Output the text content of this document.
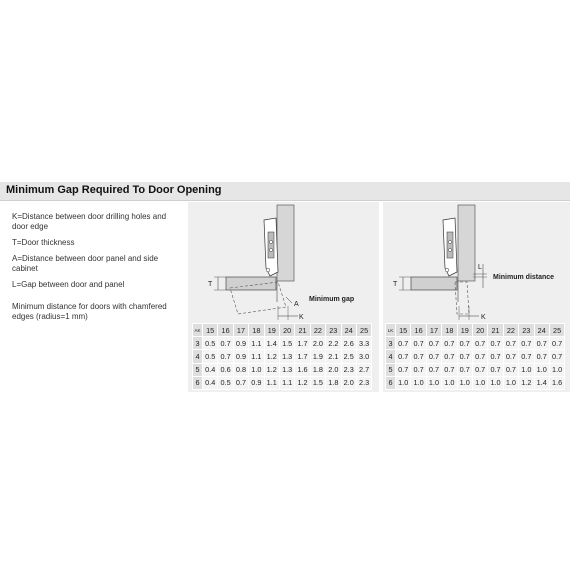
Minimum Gap Required To Door Opening

K=Distance between door drilling holes and door edge

T=Door thickness

A=Distance between door panel and side cabinet

L=Gap between door and panel

Minimum distance for doors with chamfered edges (radius=1 mm)

T
K
A
Minimum gap
AK	15	16	17	18	19	20	21	22	23	24	25
3	0.5	0.7	0.9	1.1	1.4	1.5	1.7	2.0	2.2	2.6	3.3
4	0.5	0.7	0.9	1.1	1.2	1.3	1.7	1.9	2.1	2.5	3.0
5	0.4	0.6	0.8	1.0	1.2	1.3	1.6	1.8	2.0	2.3	2.7
6	0.4	0.5	0.7	0.9	1.1	1.1	1.2	1.5	1.8	2.0	2.3
T
L
Minimum distance
K
LK	15	16	17	18	19	20	21	22	23	24	25
3	0.7	0.7	0.7	0.7	0.7	0.7	0.7	0.7	0.7	0.7	0.7
4	0.7	0.7	0.7	0.7	0.7	0.7	0.7	0.7	0.7	0.7	0.7
5	0.7	0.7	0.7	0.7	0.7	0.7	0.7	0.7	1.0	1.0	1.0
6	1.0	1.0	1.0	1.0	1.0	1.0	1.0	1.0	1.2	1.4	1.6
